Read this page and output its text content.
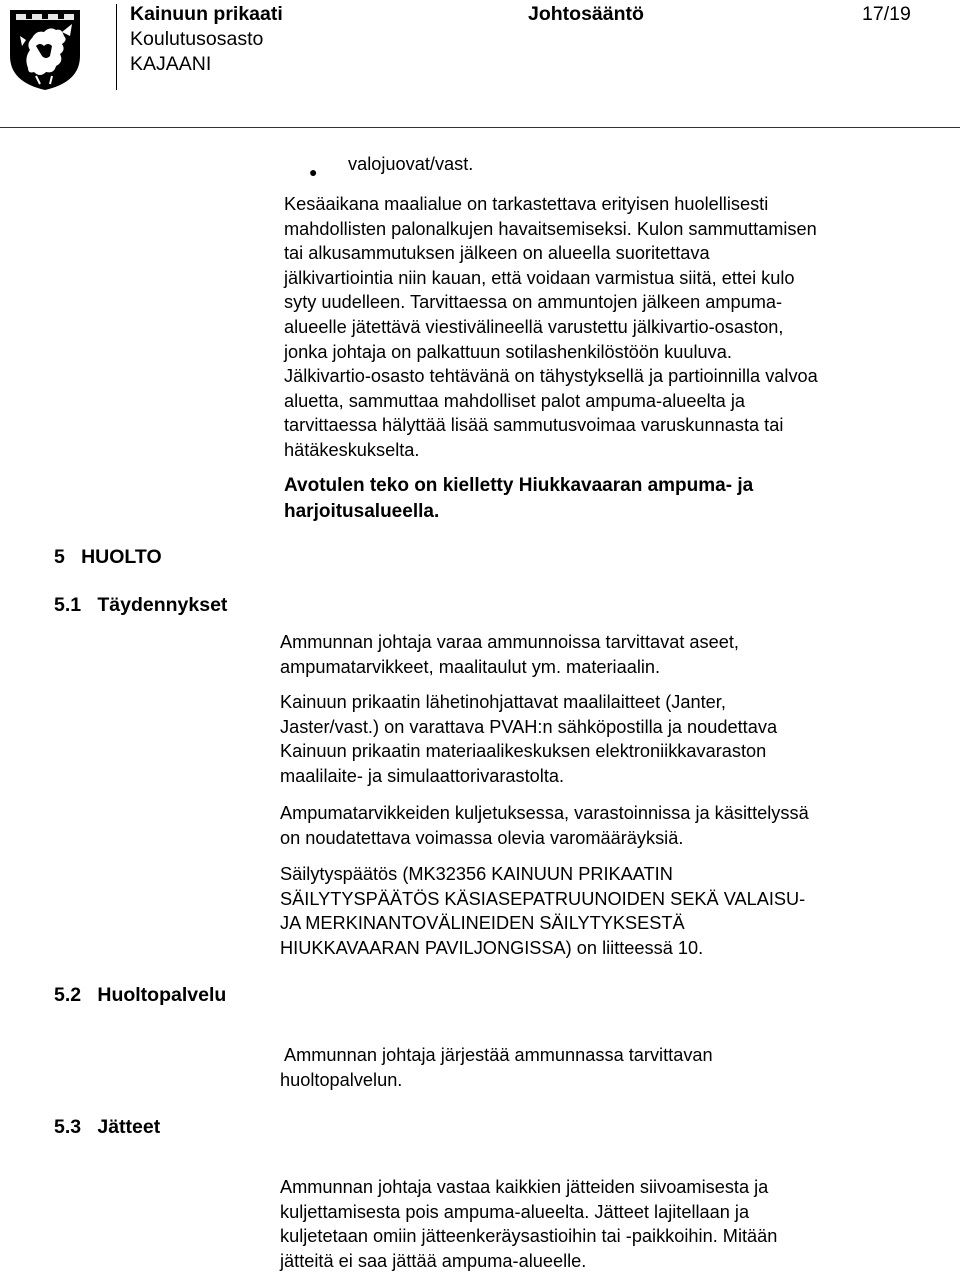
Kainuun prikaati
Koulutusosasto
KAJAANI
Johtosääntö	17/19
● valojuovat/vast.
Kesäaikana maalialue on tarkastettava erityisen huolellisesti
mahdollisten palonalkujen havaitsemiseksi. Kulon sammuttamisen
tai alkusammutuksen jälkeen on alueella suoritettava
jälkivartiointia niin kauan, että voidaan varmistua siitä, ettei kulo
syty uudelleen. Tarvittaessa on ammuntojen jälkeen ampuma-
alueelle jätettävä viestivälineellä varustettu jälkivartio-osaston,
jonka johtaja on palkattuun sotilashenkilöstöön kuuluva.
Jälkivartio-osasto tehtävänä on tähystyksellä ja partioinnilla valvoa
aluetta, sammuttaa mahdolliset palot ampuma-alueelta ja
tarvittaessa hälyttää lisää sammutusvoimaa varuskunnasta tai
hätäkeskukselta.
Avotulen teko on kielletty Hiukkavaaran ampuma- ja
harjoitusalueella.
5   HUOLTO
5.1   Täydennykset
Ammunnan johtaja varaa ammunnoissa tarvittavat aseet,
ampumatarvikkeet, maalitaulut ym. materiaalin.
Kainuun prikaatin lähetinohjattavat maalilaitteet (Janter,
Jaster/vast.) on varattava PVAH:n sähköpostilla ja noudettava
Kainuun prikaatin materiaalikeskuksen elektroniikkavaraston
maalilaite- ja simulaattorivarastolta.
Ampumatarvikkeiden kuljetuksessa, varastoinnissa ja käsittelyssä
on noudatettava voimassa olevia varomääräyksiä.
Säilytyspäätös (MK32356 KAINUUN PRIKAATIN
SÄILYTYSPÄÄTÖS KÄSIASEPATRUUNOIDEN SEKÄ VALAISU-
JA MERKINANTOVÄLINEIDEN SÄILYTYKSESTÄ
HIUKKAVAARAN PAVILJONGISSA) on liitteessä 10.
5.2   Huoltopalvelu
Ammunnan johtaja järjestää ammunnassa tarvittavan
huoltopalvelun.
5.3   Jätteet
Ammunnan johtaja vastaa kaikkien jätteiden siivoamisesta ja
kuljettamisesta pois ampuma-alueelta. Jätteet lajitellaan ja
kuljetetaan omiin jätteenkeräysastioihin tai -paikkoihin. Mitään
jätteitä ei saa jättää ampuma-alueelle.
